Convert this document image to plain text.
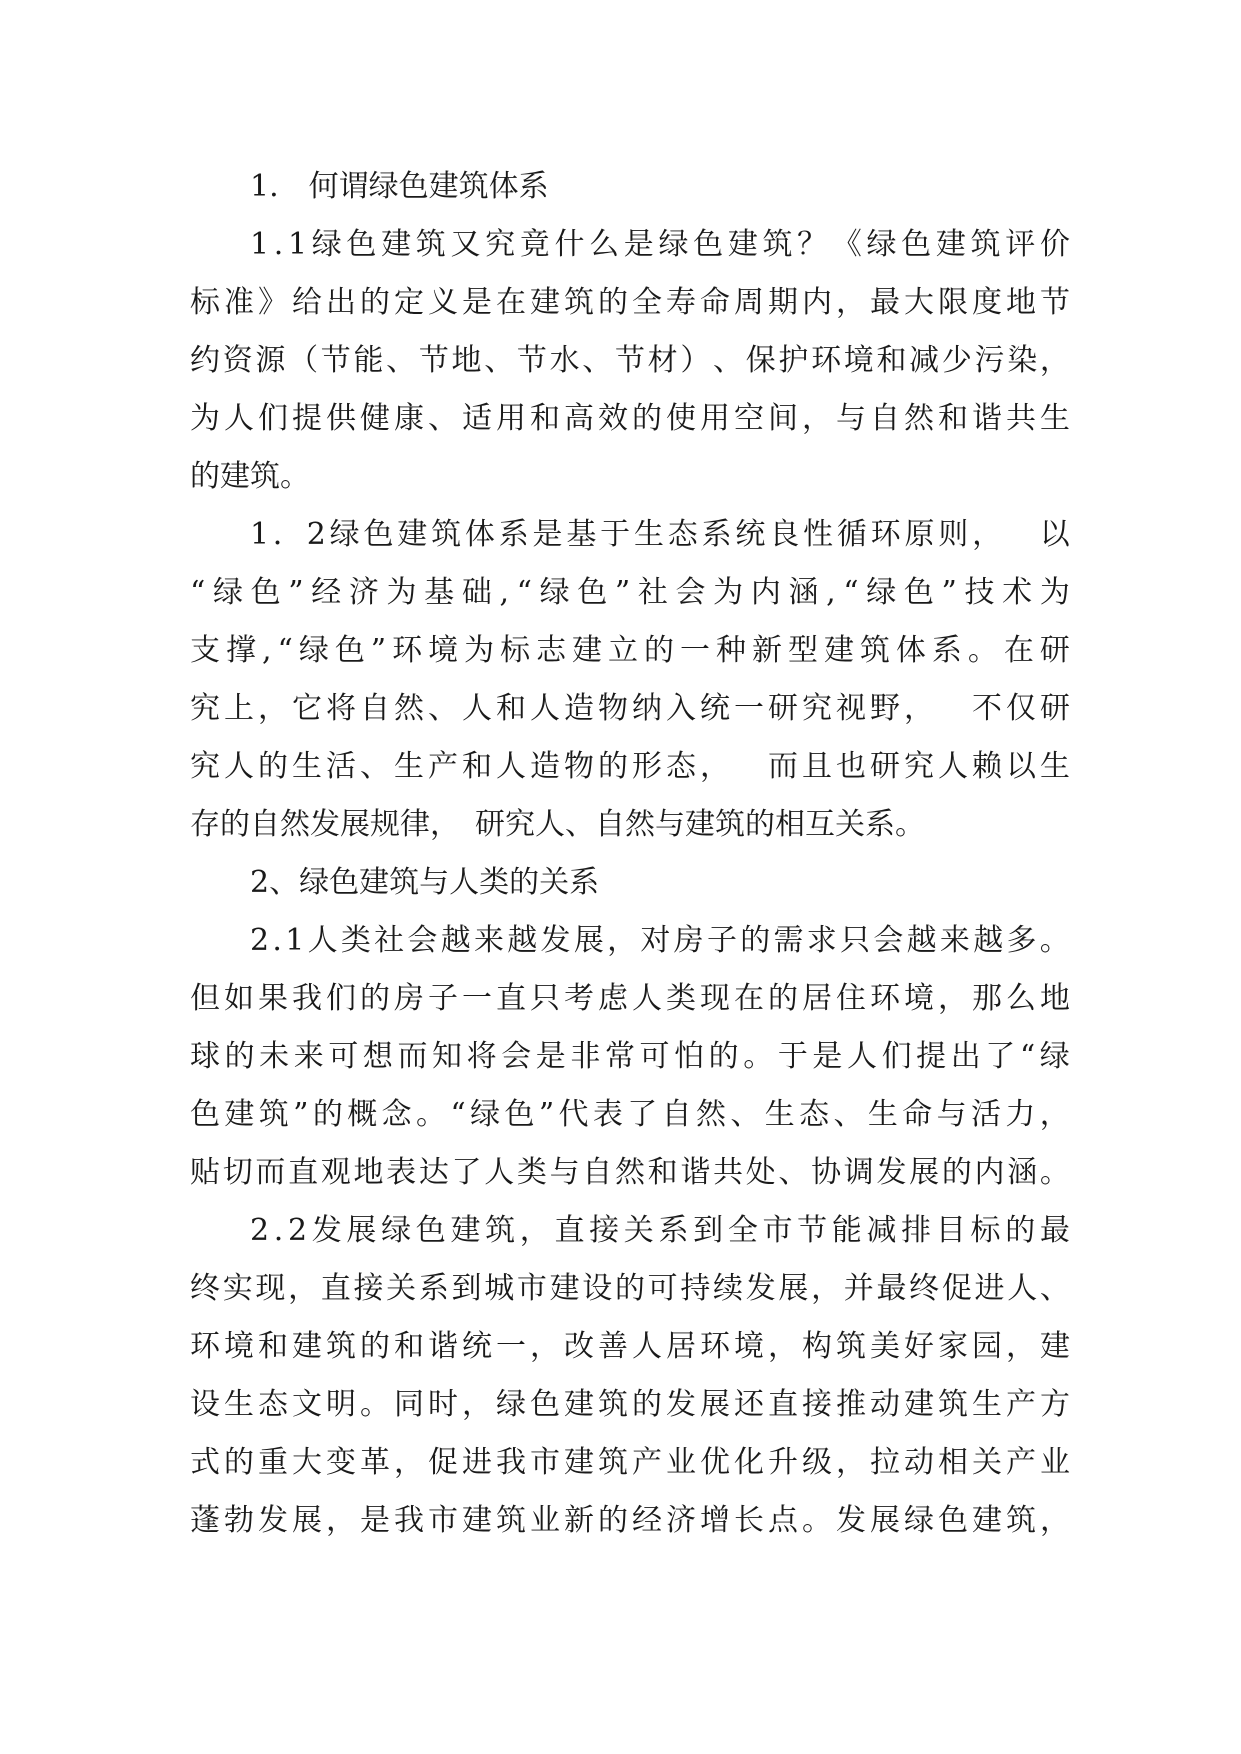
1.　何谓绿色建筑体系
1 . 1 绿 色 建 筑 又 究 竟 什 么 是 绿 色 建 筑 ？ 《 绿 色 建 筑 评 价
标 准 》 给 出 的 定 义 是 在 建 筑 的 全 寿 命 周 期 内 ， 最 大 限 度 地 节
约 资 源 （ 节 能 、 节 地 、 节 水 、 节 材 ） 、 保 护 环 境 和 减 少 污 染 ，
为 人 们 提 供 健 康 、 适 用 和 高 效 的 使 用 空 间 ， 与 自 然 和 谐 共 生
的建筑。
1 ． 2 绿 色 建 筑 体 系 是 基 于 生 态 系 统 良 性 循 环 原 则 ，
　 以
“ 绿 色 ” 经 济 为 基 础 , “ 绿 色 ” 社 会 为 内 涵 , “ 绿 色 ” 技 术 为
支 撑 , “ 绿 色 ” 环 境 为 标 志 建 立 的 一 种 新 型 建 筑 体 系 。 在 研
究 上 ， 它 将 自 然 、 人 和 人 造 物 纳 入 统 一 研 究 视 野 ，
　 不 仅 研
究 人 的 生 活 、 生 产 和 人 造 物 的 形 态 ，
　 而 且 也 研 究 人 赖 以 生
存的自然发展规律，　研究人、自然与建筑的相互关系。
2、绿色建筑与人类的关系
2 . 1 人 类 社 会 越 来 越 发 展 ， 对 房 子 的 需 求 只 会 越 来 越 多 。
但 如 果 我 们 的 房 子 一 直 只 考 虑 人 类 现 在 的 居 住 环 境 ， 那 么 地
球 的 未 来 可 想 而 知 将 会 是 非 常 可 怕 的 。 于 是 人 们 提 出 了 “ 绿
色 建 筑 ” 的 概 念 。 “ 绿 色 ” 代 表 了 自 然 、 生 态 、 生 命 与 活 力 ，
贴 切 而 直 观 地 表 达 了 人 类 与 自 然 和 谐 共 处 、 协 调 发 展 的 内 涵 。
2 . 2 发 展 绿 色 建 筑 ， 直 接 关 系 到 全 市 节 能 减 排 目 标 的 最
终 实 现 ， 直 接 关 系 到 城 市 建 设 的 可 持 续 发 展 ， 并 最 终 促 进 人 、
环 境 和 建 筑 的 和 谐 统 一 ， 改 善 人 居 环 境 ， 构 筑 美 好 家 园 ， 建
设 生 态 文 明 。 同 时 ， 绿 色 建 筑 的 发 展 还 直 接 推 动 建 筑 生 产 方
式 的 重 大 变 革 ， 促 进 我 市 建 筑 产 业 优 化 升 级 ， 拉 动 相 关 产 业
蓬 勃 发 展 ， 是 我 市 建 筑 业 新 的 经 济 增 长 点 。 发 展 绿 色 建 筑 ，
